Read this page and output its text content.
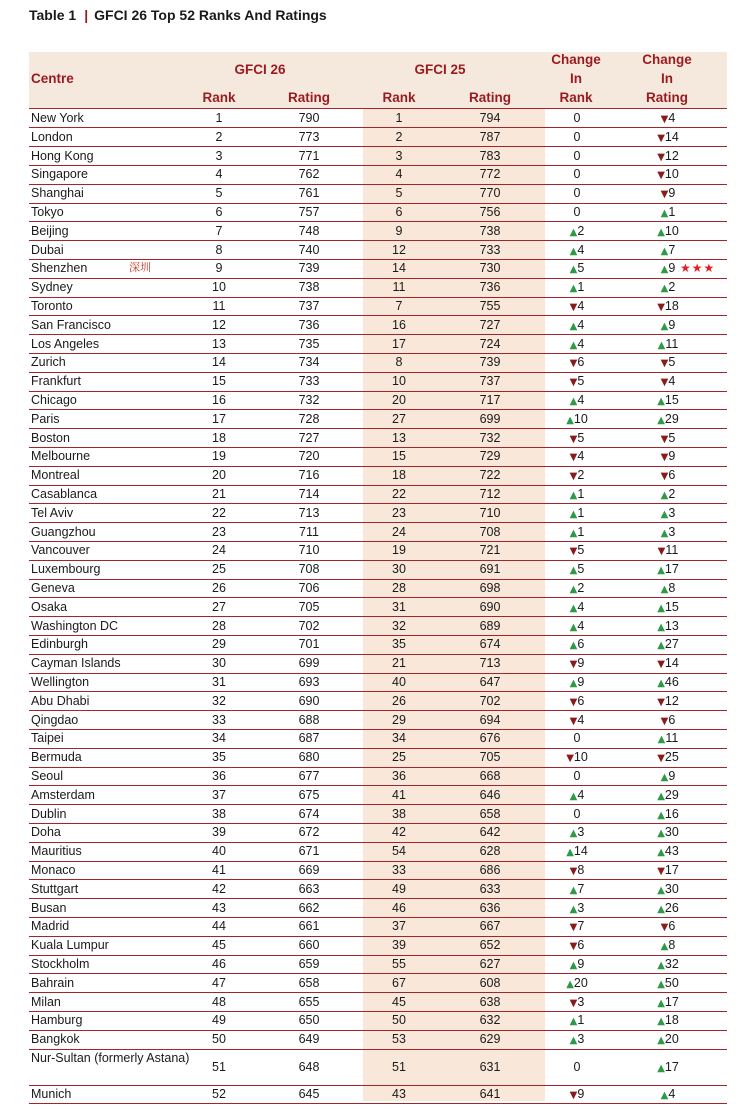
Table 1 | GFCI 26 Top 52 Ranks And Ratings
Centre
GFCI 26	GFCI 25
Rank	Rating	Rank	Rating
Change
In
Rank
Change
In
Rating
New York	1	790	1	794	0	▼4
London	2	773	2	787	0	▼14
Hong Kong	3	771	3	783	0	▼12
Singapore	4	762	4	772	0	▼10
Shanghai	5	761	5	770	0	▼9
Tokyo	6	757	6	756	0	▲1
Beijing	7	748	9	738	▲2	▲10
Dubai	8	740	12	733	▲4	▲7
Shenzhen	9	739	14	730	▲5	▲9
深圳	★★★
Sydney	10	738	11	736	▲1	▲2
Toronto	11	737	7	755	▼4	▼18
San Francisco	12	736	16	727	▲4	▲9
Los Angeles	13	735	17	724	▲4	▲11
Zurich	14	734	8	739	▼6	▼5
Frankfurt	15	733	10	737	▼5	▼4
Chicago	16	732	20	717	▲4	▲15
Paris	17	728	27	699	▲10	▲29
Boston	18	727	13	732	▼5	▼5
Melbourne	19	720	15	729	▼4	▼9
Montreal	20	716	18	722	▼2	▼6
Casablanca	21	714	22	712	▲1	▲2
Tel Aviv	22	713	23	710	▲1	▲3
Guangzhou	23	711	24	708	▲1	▲3
Vancouver	24	710	19	721	▼5	▼11
Luxembourg	25	708	30	691	▲5	▲17
Geneva	26	706	28	698	▲2	▲8
Osaka	27	705	31	690	▲4	▲15
Washington DC	28	702	32	689	▲4	▲13
Edinburgh	29	701	35	674	▲6	▲27
Cayman Islands	30	699	21	713	▼9	▼14
Wellington	31	693	40	647	▲9	▲46
Abu Dhabi	32	690	26	702	▼6	▼12
Qingdao	33	688	29	694	▼4	▼6
Taipei	34	687	34	676	0	▲11
Bermuda	35	680	25	705	▼10	▼25
Seoul	36	677	36	668	0	▲9
Amsterdam	37	675	41	646	▲4	▲29
Dublin	38	674	38	658	0	▲16
Doha	39	672	42	642	▲3	▲30
Mauritius	40	671	54	628	▲14	▲43
Monaco	41	669	33	686	▼8	▼17
Stuttgart	42	663	49	633	▲7	▲30
Busan	43	662	46	636	▲3	▲26
Madrid	44	661	37	667	▼7	▼6
Kuala Lumpur	45	660	39	652	▼6	▲8
Stockholm	46	659	55	627	▲9	▲32
Bahrain	47	658	67	608	▲20	▲50
Milan	48	655	45	638	▼3	▲17
Hamburg	49	650	50	632	▲1	▲18
Bangkok	50	649	53	629	▲3	▲20
Nur-Sultan (formerly Astana)
51	648	51	631	0	▲17
Munich	52	645	43	641	▼9	▲4
